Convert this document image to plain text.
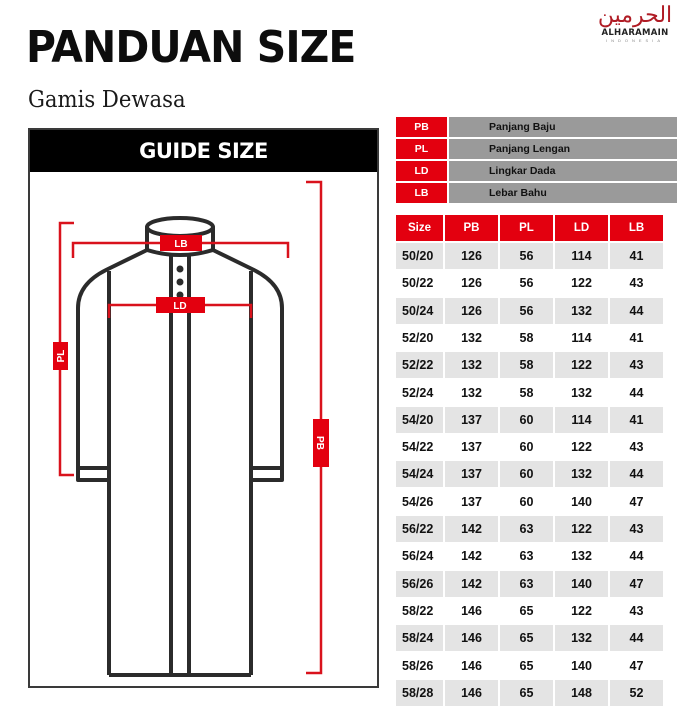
PANDUAN SIZE
Gamis Dewasa
الحرمين
ALHARAMAIN
INDONESIA
GUIDE SIZE
LB
LD
PL
PB
PB	Panjang Baju
PL	Panjang Lengan
LD	Lingkar Dada
LB	Lebar Bahu
Size	PB	PL	LD	LB
50/20	126	56	114	41
50/22	126	56	122	43
50/24	126	56	132	44
52/20	132	58	114	41
52/22	132	58	122	43
52/24	132	58	132	44
54/20	137	60	114	41
54/22	137	60	122	43
54/24	137	60	132	44
54/26	137	60	140	47
56/22	142	63	122	43
56/24	142	63	132	44
56/26	142	63	140	47
58/22	146	65	122	43
58/24	146	65	132	44
58/26	146	65	140	47
58/28	146	65	148	52
